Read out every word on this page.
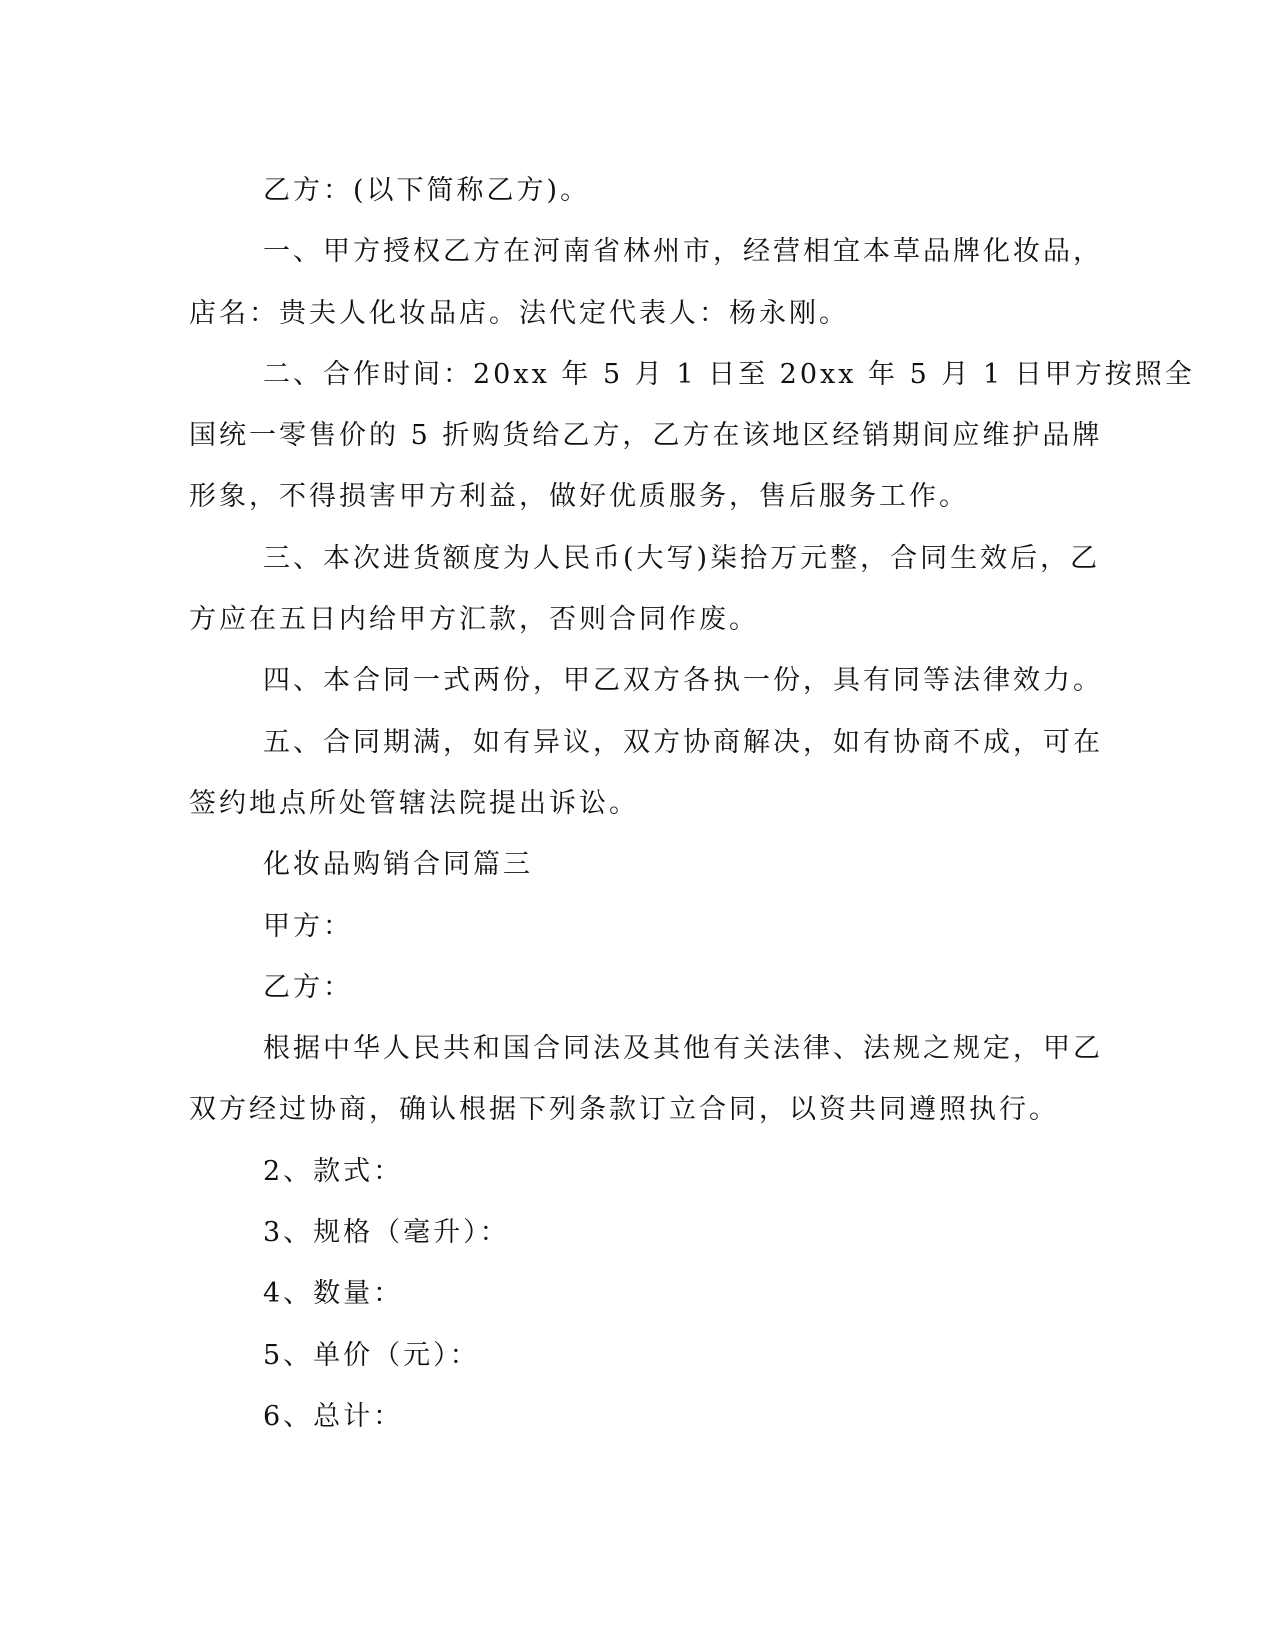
乙方：(以下简称乙方)。
一、甲方授权乙方在河南省林州市，经营相宜本草品牌化妆品，
店名：贵夫人化妆品店。法代定代表人：杨永刚。
二、合作时间：20xx 年 5 月 1 日至 20xx 年 5 月 1 日甲方按照全
国统一零售价的 5 折购货给乙方，乙方在该地区经销期间应维护品牌
形象，不得损害甲方利益，做好优质服务，售后服务工作。
三、本次进货额度为人民币(大写)柒拾万元整，合同生效后，乙
方应在五日内给甲方汇款，否则合同作废。
四、本合同一式两份，甲乙双方各执一份，具有同等法律效力。
五、合同期满，如有异议，双方协商解决，如有协商不成，可在
签约地点所处管辖法院提出诉讼。
化妆品购销合同篇三
甲方：
乙方：
根据中华人民共和国合同法及其他有关法律、法规之规定，甲乙
双方经过协商，确认根据下列条款订立合同，以资共同遵照执行。
2、款式：
3、规格（毫升）：
4、数量：
5、单价（元）：
6、总计：
